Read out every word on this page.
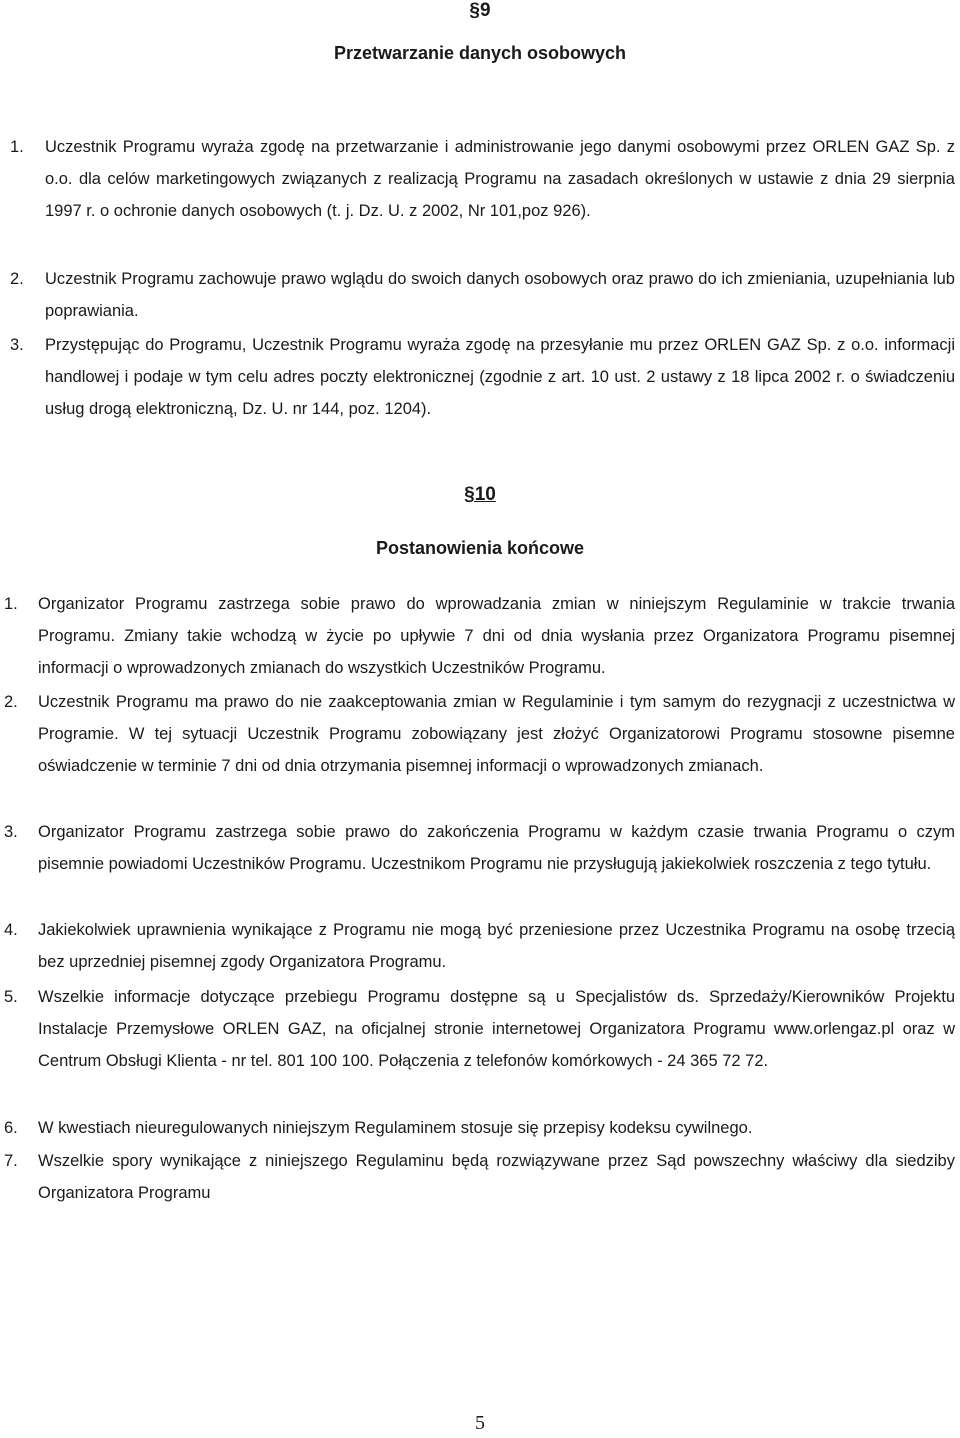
§9
Przetwarzanie danych osobowych
1.	Uczestnik Programu wyraża zgodę na przetwarzanie i administrowanie jego danymi osobowymi przez ORLEN GAZ Sp. z o.o. dla celów marketingowych związanych z realizacją Programu na zasadach określonych w ustawie z dnia 29 sierpnia 1997 r. o ochronie danych osobowych (t. j. Dz. U. z 2002, Nr 101,poz 926).
2.	Uczestnik Programu zachowuje prawo wglądu do swoich danych osobowych oraz prawo do ich zmieniania, uzupełniania lub poprawiania.
3.	Przystępując do Programu, Uczestnik Programu wyraża zgodę na przesyłanie mu przez ORLEN GAZ Sp. z o.o. informacji handlowej i podaje w tym celu adres poczty elektronicznej (zgodnie z art. 10 ust. 2 ustawy z 18 lipca 2002 r. o świadczeniu usług drogą elektroniczną, Dz. U. nr 144, poz. 1204).
§10
Postanowienia końcowe
1.	Organizator Programu zastrzega sobie prawo do wprowadzania zmian w niniejszym Regulaminie w trakcie trwania Programu. Zmiany takie wchodzą w życie po upływie 7 dni od dnia wysłania przez Organizatora Programu pisemnej informacji o wprowadzonych zmianach do wszystkich Uczestników Programu.
2.	Uczestnik Programu ma prawo do nie zaakceptowania zmian w Regulaminie i tym samym do rezygnacji z uczestnictwa w Programie. W tej sytuacji Uczestnik Programu zobowiązany jest złożyć Organizatorowi Programu stosowne pisemne oświadczenie w terminie 7 dni od dnia otrzymania pisemnej informacji o wprowadzonych zmianach.
3.	Organizator Programu zastrzega sobie prawo do zakończenia Programu w każdym czasie trwania Programu o czym pisemnie powiadomi Uczestników Programu. Uczestnikom Programu nie przysługują jakiekolwiek roszczenia z tego tytułu.
4.	Jakiekolwiek uprawnienia wynikające z Programu nie mogą być przeniesione przez Uczestnika Programu na osobę trzecią bez uprzedniej pisemnej zgody Organizatora Programu.
5.	Wszelkie informacje dotyczące przebiegu Programu dostępne są u Specjalistów ds. Sprzedaży/Kierowników Projektu Instalacje Przemysłowe ORLEN GAZ, na oficjalnej stronie internetowej Organizatora Programu www.orlengaz.pl oraz w Centrum Obsługi Klienta - nr tel. 801 100 100. Połączenia z telefonów komórkowych - 24 365 72 72.
6.	W kwestiach nieuregulowanych niniejszym Regulaminem stosuje się przepisy kodeksu cywilnego.
7.	Wszelkie spory wynikające z niniejszego Regulaminu będą rozwiązywane przez Sąd powszechny właściwy dla siedziby Organizatora Programu
5
